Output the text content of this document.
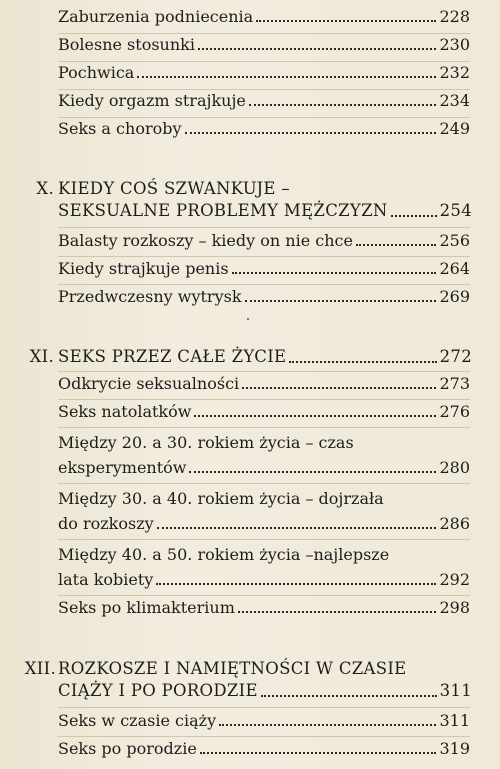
Zaburzenia podniecenia	228
Bolesne stosunki	230
Pochwica	232
Kiedy orgazm strajkuje	234
Seks a choroby	249
X. KIEDY COŚ SZWANKUJE –
SEKSUALNE PROBLEMY MĘŻCZYZN	254
Balasty rozkoszy – kiedy on nie chce	256
Kiedy strajkuje penis	264
Przedwczesny wytrysk	269
XI. SEKS PRZEZ CAŁE ŻYCIE	272
Odkrycie seksualności	273
Seks natolatków	276
Między 20. a 30. rokiem życia – czas
eksperymentów	280
Między 30. a 40. rokiem życia – dojrzała
do rozkoszy	286
Między 40. a 50. rokiem życia –najlepsze
lata kobiety	292
Seks po klimakterium	298
XII. ROZKOSZE I NAMIĘTNOŚCI W CZASIE
CIĄŻY I PO PORODZIE	311
Seks w czasie ciąży	311
Seks po porodzie	319
